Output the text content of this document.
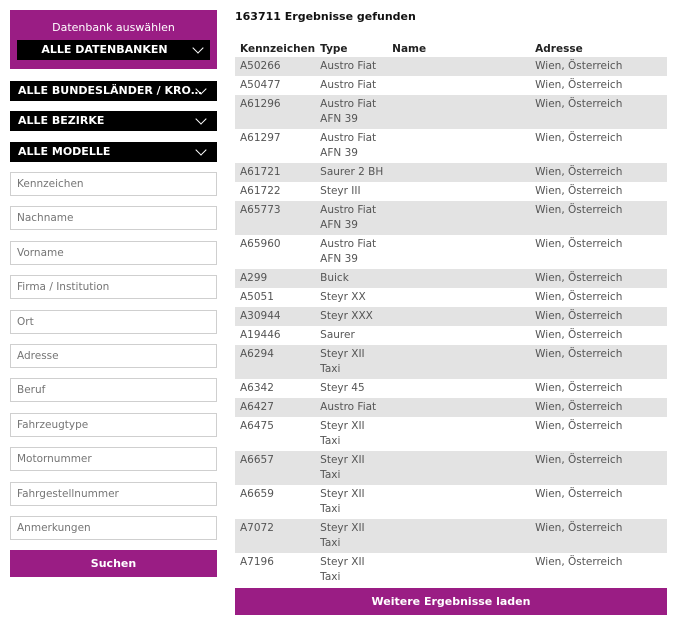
Datenbank auswählen
ALLE DATENBANKEN
ALLE BUNDESLÄNDER / KRO…
ALLE BEZIRKE
ALLE MODELLE
Kennzeichen
Nachname
Vorname
Firma / Institution
Ort
Adresse
Beruf
Fahrzeugtype
Motornummer
Fahrgestellnummer
Anmerkungen
Suchen
163711 Ergebnisse gefunden
Kennzeichen	Type	Name	Adresse
A50266	Austro Fiat		Wien, Österreich
A50477	Austro Fiat		Wien, Österreich
A61296	Austro Fiat
AFN 39		Wien, Österreich
A61297	Austro Fiat
AFN 39		Wien, Österreich
A61721	Saurer 2 BH		Wien, Österreich
A61722	Steyr III		Wien, Österreich
A65773	Austro Fiat
AFN 39		Wien, Österreich
A65960	Austro Fiat
AFN 39		Wien, Österreich
A299	Buick		Wien, Österreich
A5051	Steyr XX		Wien, Österreich
A30944	Steyr XXX		Wien, Österreich
A19446	Saurer		Wien, Österreich
A6294	Steyr XII
Taxi		Wien, Österreich
A6342	Steyr 45		Wien, Österreich
A6427	Austro Fiat		Wien, Österreich
A6475	Steyr XII
Taxi		Wien, Österreich
A6657	Steyr XII
Taxi		Wien, Österreich
A6659	Steyr XII
Taxi		Wien, Österreich
A7072	Steyr XII
Taxi		Wien, Österreich
A7196	Steyr XII
Taxi		Wien, Österreich
Weitere Ergebnisse laden
